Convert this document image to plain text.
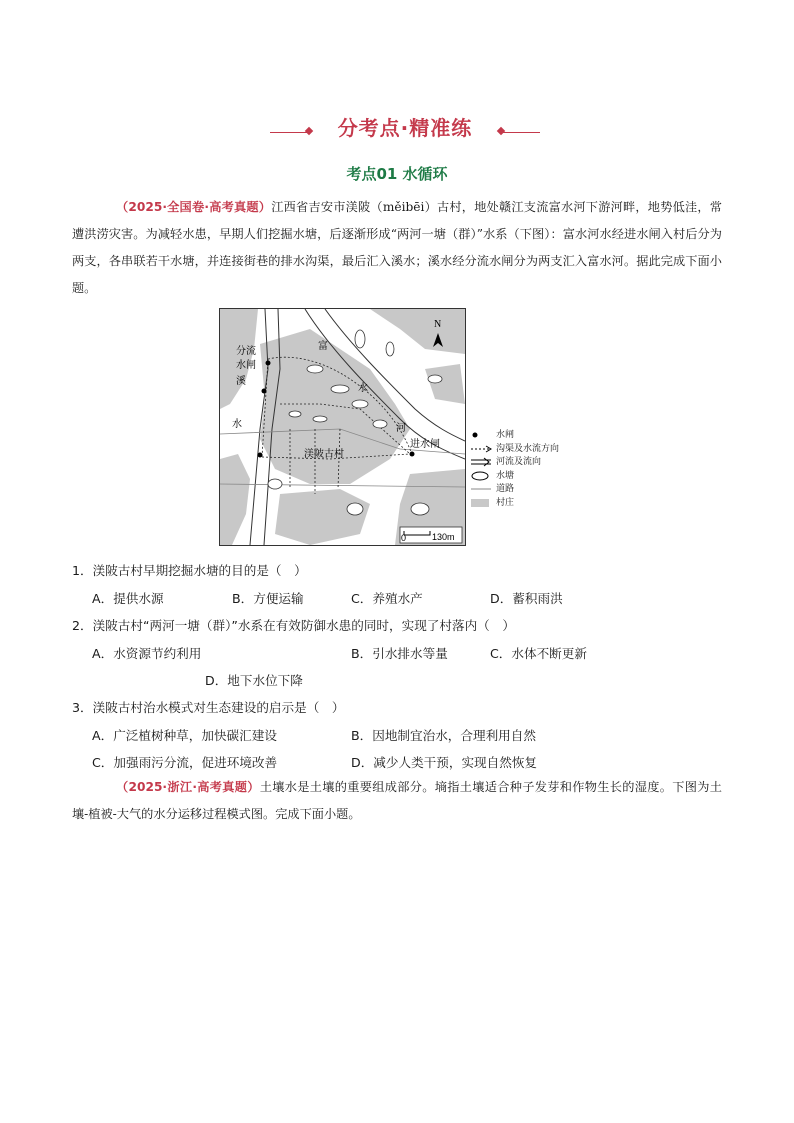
分考点·精准练
考点01 水循环
（2025·全国卷·高考真题）江西省吉安市渼陂（měibēi）古村，地处赣江支流富水河下游河畔，地势低洼，常遭洪涝灾害。为减轻水患，早期人们挖掘水塘，后逐渐形成“两河一塘（群）”水系（下图）：富水河水经进水闸入村后分为两支，各串联若干水塘，并连接街巷的排水沟渠，最后汇入溪水；溪水经分流水闸分为两支汇入富水河。据此完成下面小题。
N
0	130m
分流
水闸
溪
水
富
水
河
进水闸
渼陂古村
水闸
沟渠及水流方向
河流及流向
水塘
道路
村庄
1．渼陂古村早期挖掘水塘的目的是（　）
A．提供水源	B．方便运输	C．养殖水产	D．蓄积雨洪
2．渼陂古村“两河一塘（群）”水系在有效防御水患的同时，实现了村落内（　）
A．水资源节约利用	B．引水排水等量	C．水体不断更新
D．地下水位下降
3．渼陂古村治水模式对生态建设的启示是（　）
A．广泛植树种草，加快碳汇建设	B．因地制宜治水，合理利用自然
C．加强雨污分流，促进环境改善	D．减少人类干预，实现自然恢复
（2025·浙江·高考真题）土壤水是土壤的重要组成部分。墒指土壤适合种子发芽和作物生长的湿度。下图为土壤-植被-大气的水分运移过程模式图。完成下面小题。
